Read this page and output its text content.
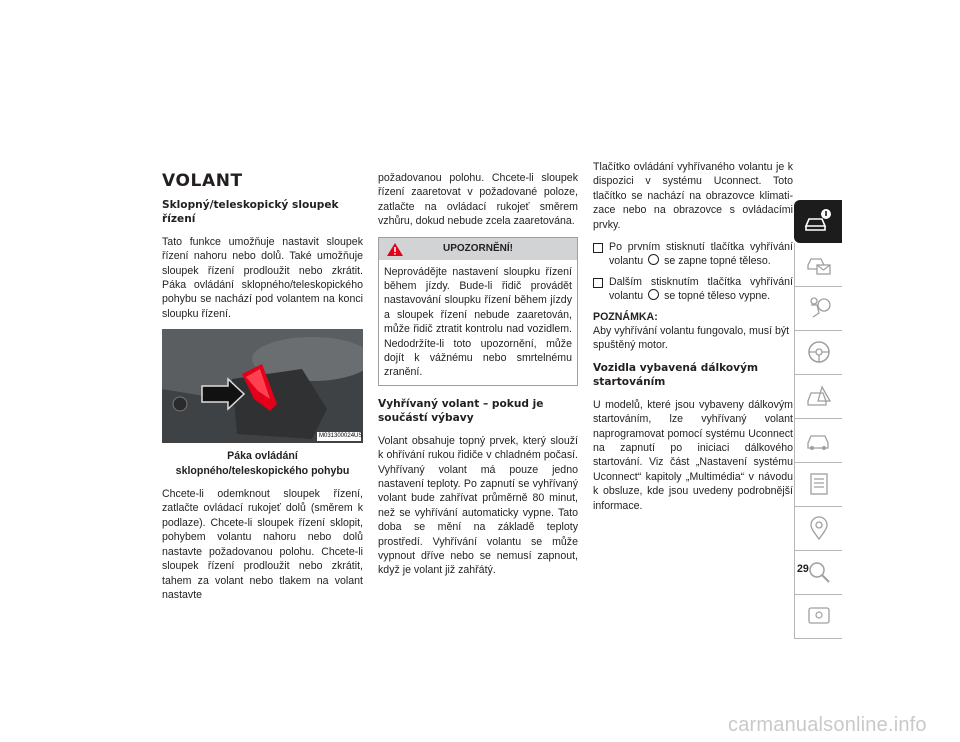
VOLANT
Sklopný/teleskopický sloupek řízení

Tato funkce umožňuje nastavit sloupek řízení nahoru nebo dolů. Také umožňuje sloupek řízení prodloužit nebo zkrátit. Páka ovládání sklopného/teleskopického pohybu se nachází pod volantem na konci sloupku řízení.

M031300024US
Páka ovládání sklopného/teleskopického pohybu

Chcete-li odemknout sloupek řízení, zatlačte ovládací rukojeť dolů (směrem k podlaze). Chcete-li sloupek řízení sklopit, pohybem volantu nahoru nebo dolů nastavte požadovanou polohu. Chcete-li sloupek řízení prodloužit nebo zkrátit, tahem za volant nebo tlakem na volant nastavte

požadovanou polohu. Chcete-li sloupek řízení zaaretovat v požadované poloze, zatlačte na ovládací rukojeť směrem vzhůru, dokud nebude zcela zaaretována.

UPOZORNĚNÍ!
Neprovádějte nastavení sloupku řízení během jízdy. Bude-li řidič provádět nastavování sloupku řízení během jízdy a sloupek řízení nebude zaaretován, může řidič ztratit kontrolu nad vozidlem. Nedodržíte-li toto upozornění, může dojít k vážnému nebo smrtelnému zranění.
Vyhřívaný volant – pokud je součástí výbavy

Volant obsahuje topný prvek, který slouží k ohřívání rukou řidiče v chladném počasí. Vyhřívaný volant má pouze jedno nastavení teploty. Po zapnutí se vyhřívaný volant bude zahřívat průměrně 80 minut, než se vyhřívání automaticky vypne. Tato doba se mění na základě teploty prostředí. Vyhřívání volantu se může vypnout dříve nebo se nemusí zapnout, když je volant již zahřátý.

Tlačítko ovládání vyhřívaného volantu je k dispozici v systému Uconnect. Toto tlačítko se nachází na obrazovce klimatizace nebo na obrazovce s ovládacími prvky.

Po prvním stisknutí tlačítka vyhřívání volantu se zapne topné těleso.
Dalším stisknutím tlačítka vyhřívání volantu se topné těleso vypne.
POZNÁMKA:

Aby vyhřívání volantu fungovalo, musí být spuštěný motor.

Vozidla vybavená dálkovým startováním

U modelů, které jsou vybaveny dálkovým startováním, lze vyhřívaný volant naprogramovat pomocí systému Uconnect na zapnutí po iniciaci dálkového startování. Viz část „Nastavení systému Uconnect“ kapitoly „Multimédia“ v návodu k obsluze, kde jsou uvedeny podrobnější informace.

29
carmanualsonline.info
